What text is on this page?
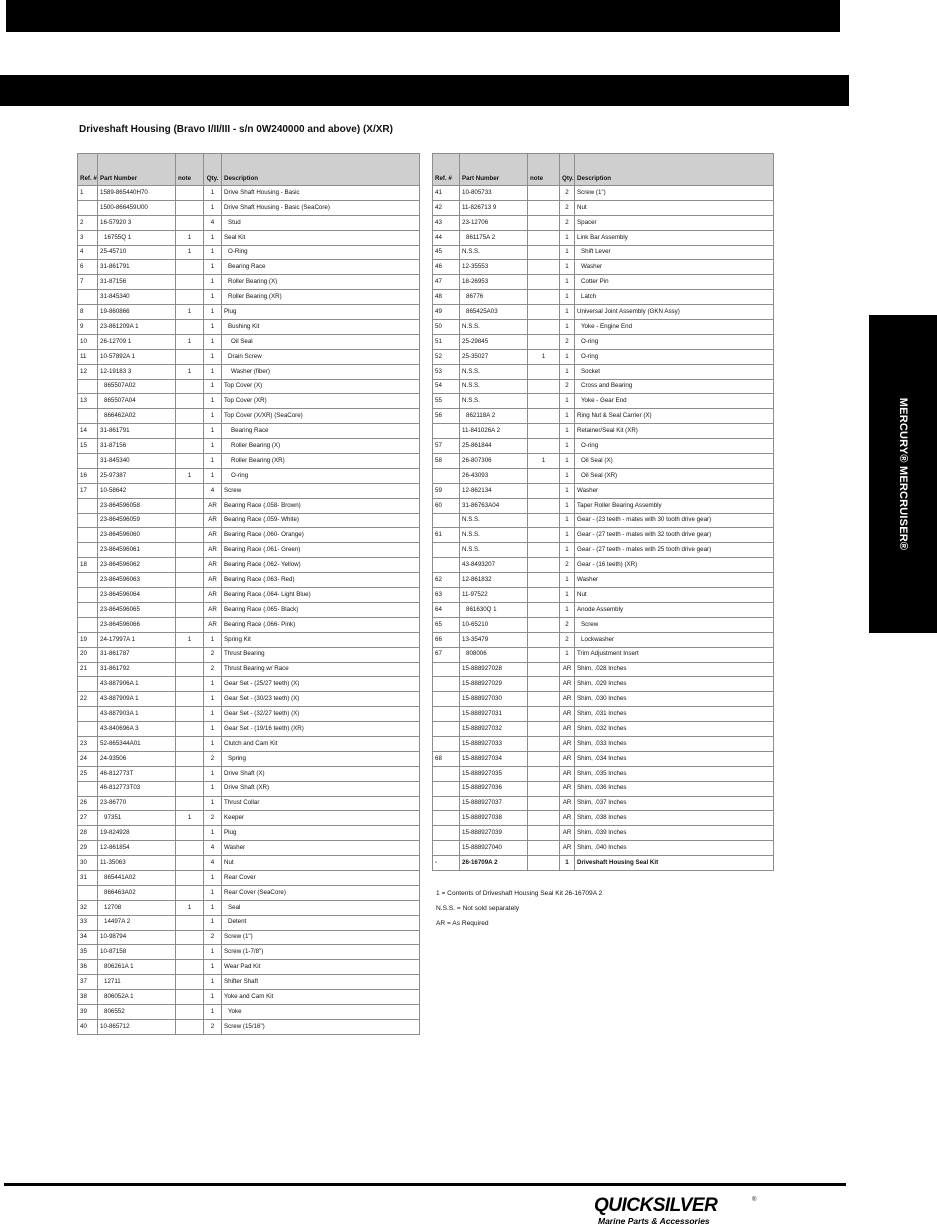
MERCURY® MERCRUISER®
Driveshaft Housing (Bravo I/II/III - s/n 0W240000 and above) (X/XR)
Ref. #	Part Number	note	Qty.	Description
1	1589-865440H70		1	Drive Shaft Housing - Basic
	1500-866459U00		1	Drive Shaft Housing - Basic (SeaCore)
2	16-57920 3		4	Stud
3	16755Q 1	1	1	Seal Kit
4	25-45710	1	1	O-Ring
6	31-861791		1	Bearing Race
7	31-87156		1	Roller Bearing (X)
	31-845340		1	Roller Bearing (XR)
8	19-860866	1	1	Plug
9	23-861209A 1		1	Bushing Kit
10	26-12709 1	1	1	Oil Seal
11	10-57892A 1		1	Drain Screw
12	12-19183 3	1	1	Washer (fiber)
	865507A02		1	Top Cover (X)
13	865507A04		1	Top Cover (XR)
	866462A02		1	Top Cover (X/XR) (SeaCore)
14	31-861791		1	Bearing Race
15	31-87156		1	Roller Bearing (X)
	31-845340		1	Roller Bearing (XR)
16	25-97387	1	1	O-ring
17	10-58642		4	Screw
	23-864596058		AR	Bearing Race (.058- Brown)
	23-864596059		AR	Bearing Race (.059- White)
	23-864596060		AR	Bearing Race (.060- Orange)
	23-864596061		AR	Bearing Race (.061- Green)
18	23-864596062		AR	Bearing Race (.062- Yellow)
	23-864596063		AR	Bearing Race (.063- Red)
	23-864596064		AR	Bearing Race (.064- Light Blue)
	23-864596065		AR	Bearing Race (.065- Black)
	23-864596066		AR	Bearing Race (.066- Pink)
19	24-17997A 1	1	1	Spring Kit
20	31-861787		2	Thrust Bearing
21	31-861792		2	Thrust Bearing w/ Race
	43-887906A 1		1	Gear Set - (25/27 teeth) (X)
22	43-887909A 1		1	Gear Set - (30/23 teeth) (X)
	43-887903A 1		1	Gear Set - (32/27 teeth) (X)
	43-840696A 3		1	Gear Set - (19/16 teeth) (XR)
23	52-865344A01		1	Clutch and Cam Kit
24	24-93506		2	Spring
25	46-812773T		1	Drive Shaft (X)
	46-812773T03		1	Drive Shaft (XR)
26	23-86770		1	Thrust Collar
27	97351	1	2	Keeper
28	19-824928		1	Plug
29	12-861854		4	Washer
30	11-35063		4	Nut
31	865441A02		1	Rear Cover
	866463A02		1	Rear Cover (SeaCore)
32	12708	1	1	Seal
33	14497A 2		1	Detent
34	10-98794		2	Screw (1")
35	10-87158		1	Screw (1-7/8")
36	806261A 1		1	Wear Pad Kit
37	12711		1	Shifter Shaft
38	806052A 1		1	Yoke and Cam Kit
39	806552		1	Yoke
40	10-865712		2	Screw (15/16")
Ref. #	Part Number	note	Qty.	Description
41	10-805733		2	Screw (1")
42	11-826713 9		2	Nut
43	23-12706		2	Spacer
44	861175A 2		1	Link Bar Assembly
45	N.S.S.		1	Shift Lever
46	12-35553		1	Washer
47	18-26953		1	Cotter Pin
48	86776		1	Latch
49	865425A03		1	Universal Joint Assembly (GKN Assy)
50	N.S.S.		1	Yoke - Engine End
51	25-29845		2	O-ring
52	25-35027	1	1	O-ring
53	N.S.S.		1	Socket
54	N.S.S.		2	Cross and Bearing
55	N.S.S.		1	Yoke - Gear End
56	862118A 2		1	Ring Nut & Seal Carrier (X)
	11-841026A 2		1	Retainer/Seal Kit (XR)
57	25-861844		1	O-ring
58	26-807306	1	1	Oil Seal (X)
	26-43093		1	Oil Seal (XR)
59	12-862134		1	Washer
60	31-86763A04		1	Taper Roller Bearing Assembly
	N.S.S.		1	Gear - (23 teeth - mates with 30 tooth drive gear)
61	N.S.S.		1	Gear - (27 teeth - mates with 32 tooth drive gear)
	N.S.S.		1	Gear - (27 teeth - mates with 25 tooth drive gear)
	43-8493207		2	Gear - (16 teeth) (XR)
62	12-861832		1	Washer
63	11-97522		1	Nut
64	861630Q 1		1	Anode Assembly
65	10-65210		2	Screw
66	13-35479		2	Lockwasher
67	808006		1	Trim Adjustment Insert
	15-888927028		AR	Shim, .028 Inches
	15-888927029		AR	Shim, .029 Inches
	15-888927030		AR	Shim, .030 Inches
	15-888927031		AR	Shim, .031 Inches
	15-888927032		AR	Shim, .032 Inches
	15-888927033		AR	Shim, .033 Inches
68	15-888927034		AR	Shim, .034 Inches
	15-888927035		AR	Shim, .035 Inches
	15-888927036		AR	Shim, .036 Inches
	15-888927037		AR	Shim, .037 Inches
	15-888927038		AR	Shim, .038 Inches
	15-888927039		AR	Shim, .039 Inches
	15-888927040		AR	Shim, .040 Inches
-	26-16709A 2		1	Driveshaft Housing Seal Kit
1 = Contents of Driveshaft Housing Seal Kit 26-16709A 2
N.S.S. = Not sold separately
AR = As Required
QUICKSILVER	®
Marine Parts & Accessories
